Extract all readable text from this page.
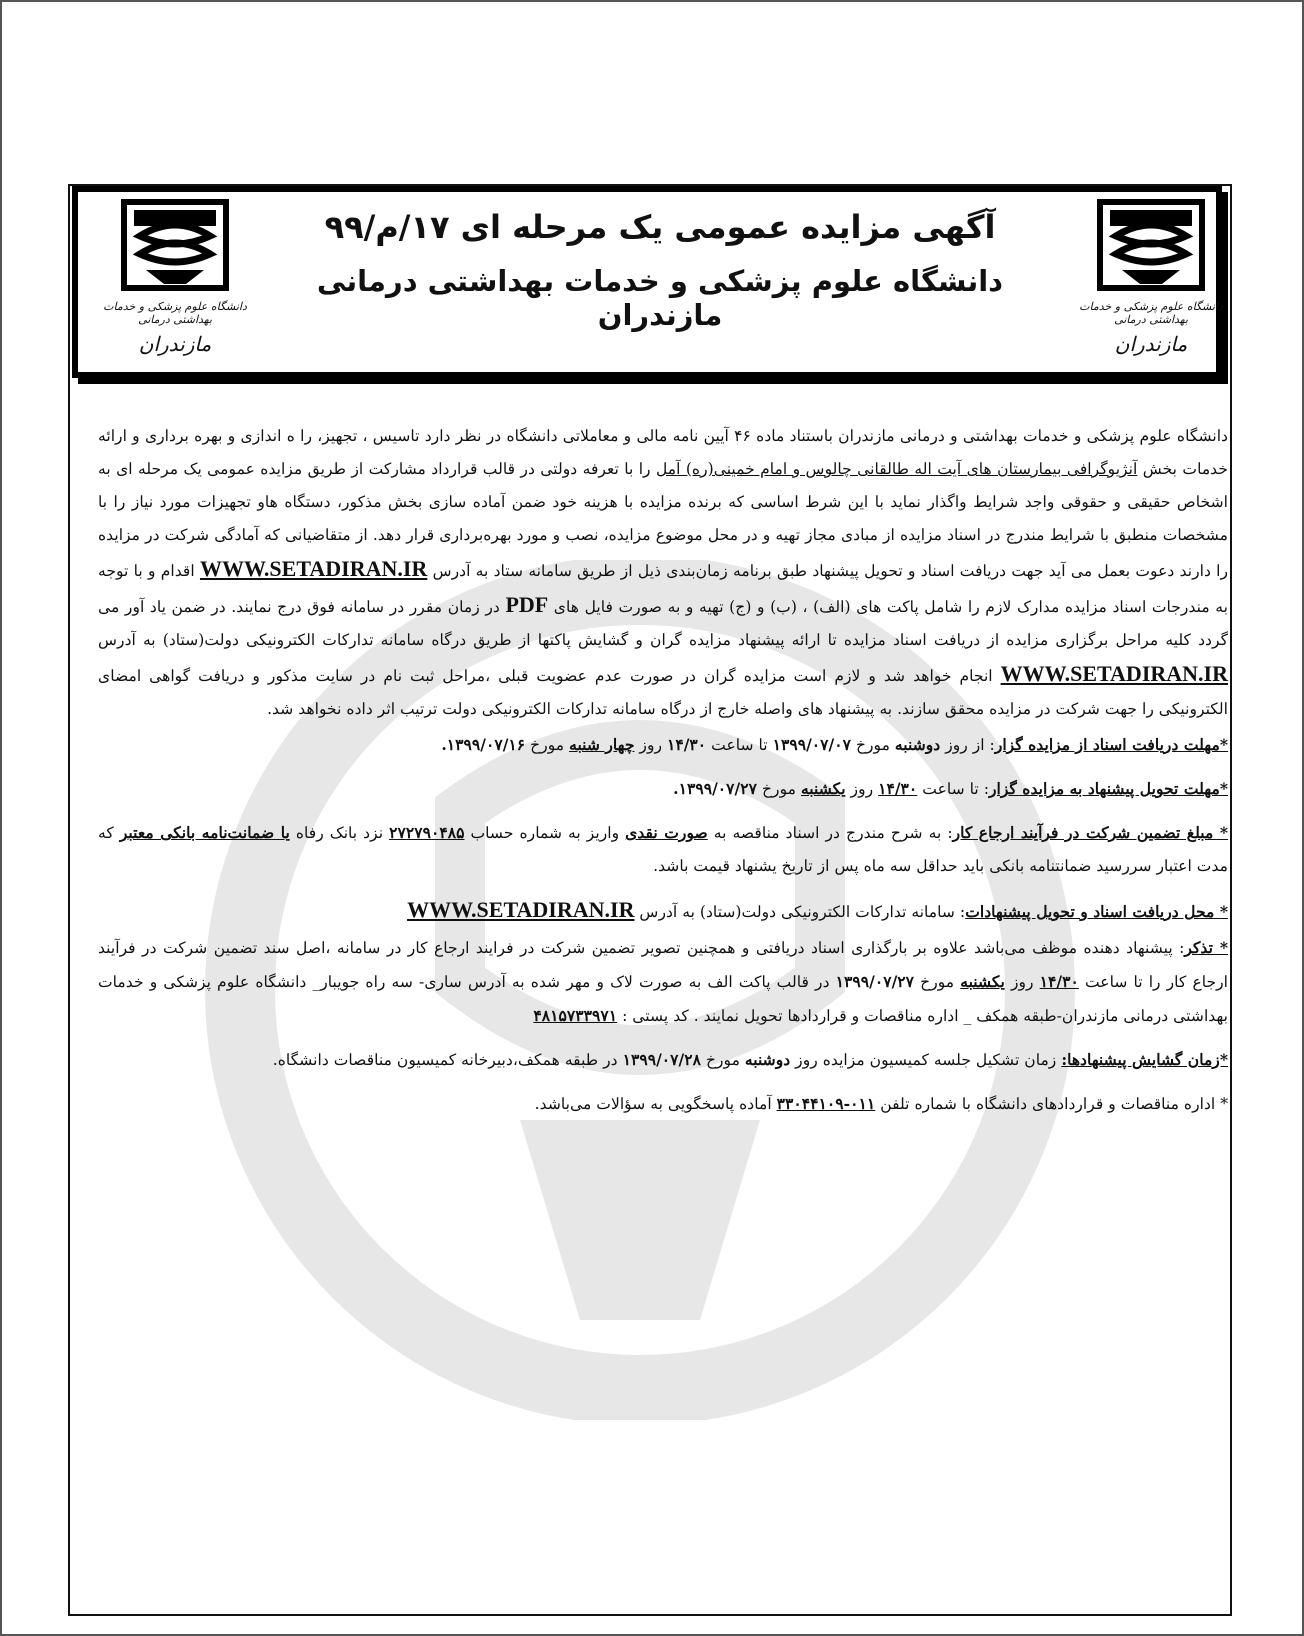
دانشگاه علوم پزشکی و خدمات بهداشتی درمانی
مازندران
دانشگاه علوم پزشکی و خدمات بهداشتی درمانی
مازندران

آگهی مزایده عمومی یک مرحله ای ۱۷/م/۹۹

دانشگاه علوم پزشکی و خدمات بهداشتی درمانی مازندران

دانشگاه علوم پزشکی و خدمات بهداشتی و درمانی مازندران باستناد ماده ۴۶ آیین نامه مالی و معاملاتی دانشگاه در نظر دارد تاسیس ، تجهیز، را ه اندازی و بهره برداری و ارائه خدمات بخش آنژیوگرافی بیمارستان های آیت اله طالقانی چالوس و امام خمینی(ره) آمل را با تعرفه دولتی در قالب قرارداد مشارکت از طریق مزایده عمومی یک مرحله ای به اشخاص حقیقی و حقوقی واجد شرایط واگذار نماید با این شرط اساسی که برنده مزایده با هزینه خود ضمن آماده سازی بخش مذکور، دستگاه هاو تجهیزات مورد نیاز را با مشخصات منطبق با شرایط مندرج در اسناد مزایده از مبادی مجاز تهیه و در محل موضوع مزایده، نصب و مورد بهره‌برداری قرار دهد. از متقاضیانی که آمادگی شرکت در مزایده را دارند دعوت بعمل می آید جهت دریافت اسناد و تحویل پیشنهاد طبق برنامه زمان‌بندی ذیل از طریق سامانه ستاد به آدرس WWW.SETADIRAN.IR اقدام و با توجه به مندرجات اسناد مزایده مدارک لازم را شامل پاکت های (الف) ، (ب) و (ج) تهیه و به صورت فایل های PDF در زمان مقرر در سامانه فوق درج نمایند. در ضمن یاد آور می گردد کلیه مراحل برگزاری مزایده از دریافت اسناد مزایده تا ارائه پیشنهاد مزایده گران و گشایش پاکتها از طریق درگاه سامانه تدارکات الکترونیکی دولت(ستاد) به آدرس WWW.SETADIRAN.IR انجام خواهد شد و لازم است مزایده گران در صورت عدم عضویت قبلی ،مراحل ثبت نام در سایت مذکور و دریافت گواهی امضای الکترونیکی را جهت شرکت در مزایده محقق سازند. به پیشنهاد های واصله خارج از درگاه سامانه تدارکات الکترونیکی دولت ترتیب اثر داده نخواهد شد.

*مهلت دریافت اسناد از مزایده گزار: از روز دوشنبه مورخ ۱۳۹۹/۰۷/۰۷ تا ساعت ۱۴/۳۰ روز چهار شنبه مورخ ۱۳۹۹/۰۷/۱۶.

*مهلت تحویل پیشنهاد به مزایده گزار: تا ساعت ۱۴/۳۰ روز یکشنبه مورخ ۱۳۹۹/۰۷/۲۷.

* مبلغ تضمین شرکت در فرآیند ارجاع کار: به شرح مندرج در اسناد مناقصه به صورت نقدی واریز به شماره حساب ۲۷۲۷۹۰۴۸۵ نزد بانک رفاه یا ضمانت‌نامه بانکی معتبر که مدت اعتبار سررسید ضمانتنامه بانکی باید حداقل سه ماه پس از تاریخ یشنهاد قیمت باشد.

* محل دریافت اسناد و تحویل پیشنهادات: سامانه تدارکات الکترونیکی دولت(ستاد) به آدرس WWW.SETADIRAN.IR

* تذکر: پیشنهاد دهنده موظف می‌باشد علاوه بر بارگذاری اسناد دریافتی و همچنین تصویر تضمین شرکت در فرایند ارجاع کار در سامانه ،اصل سند تضمین شرکت در فرآیند ارجاع کار را تا ساعت ۱۴/۳۰ روز یکشنبه مورخ ۱۳۹۹/۰۷/۲۷ در قالب پاکت الف به صورت لاک و مهر شده به آدرس ساری- سه راه جویبار_ دانشگاه علوم پزشکی و خدمات بهداشتی درمانی مازندران-طبقه همکف _ اداره مناقصات و قراردادها تحویل نمایند . کد پستی : ۴۸۱۵۷۳۳۹۷۱

*زمان گشایش پیشنهادها: زمان تشکیل جلسه کمیسیون مزایده روز دوشنبه مورخ ۱۳۹۹/۰۷/۲۸ در طبقه همکف،دبیرخانه کمیسیون مناقصات دانشگاه.

* اداره مناقصات و قراردادهای دانشگاه با شماره تلفن ۰۱۱-۳۳۰۴۴۱۰۹ آماده پاسخگویی به سؤالات می‌باشد.
